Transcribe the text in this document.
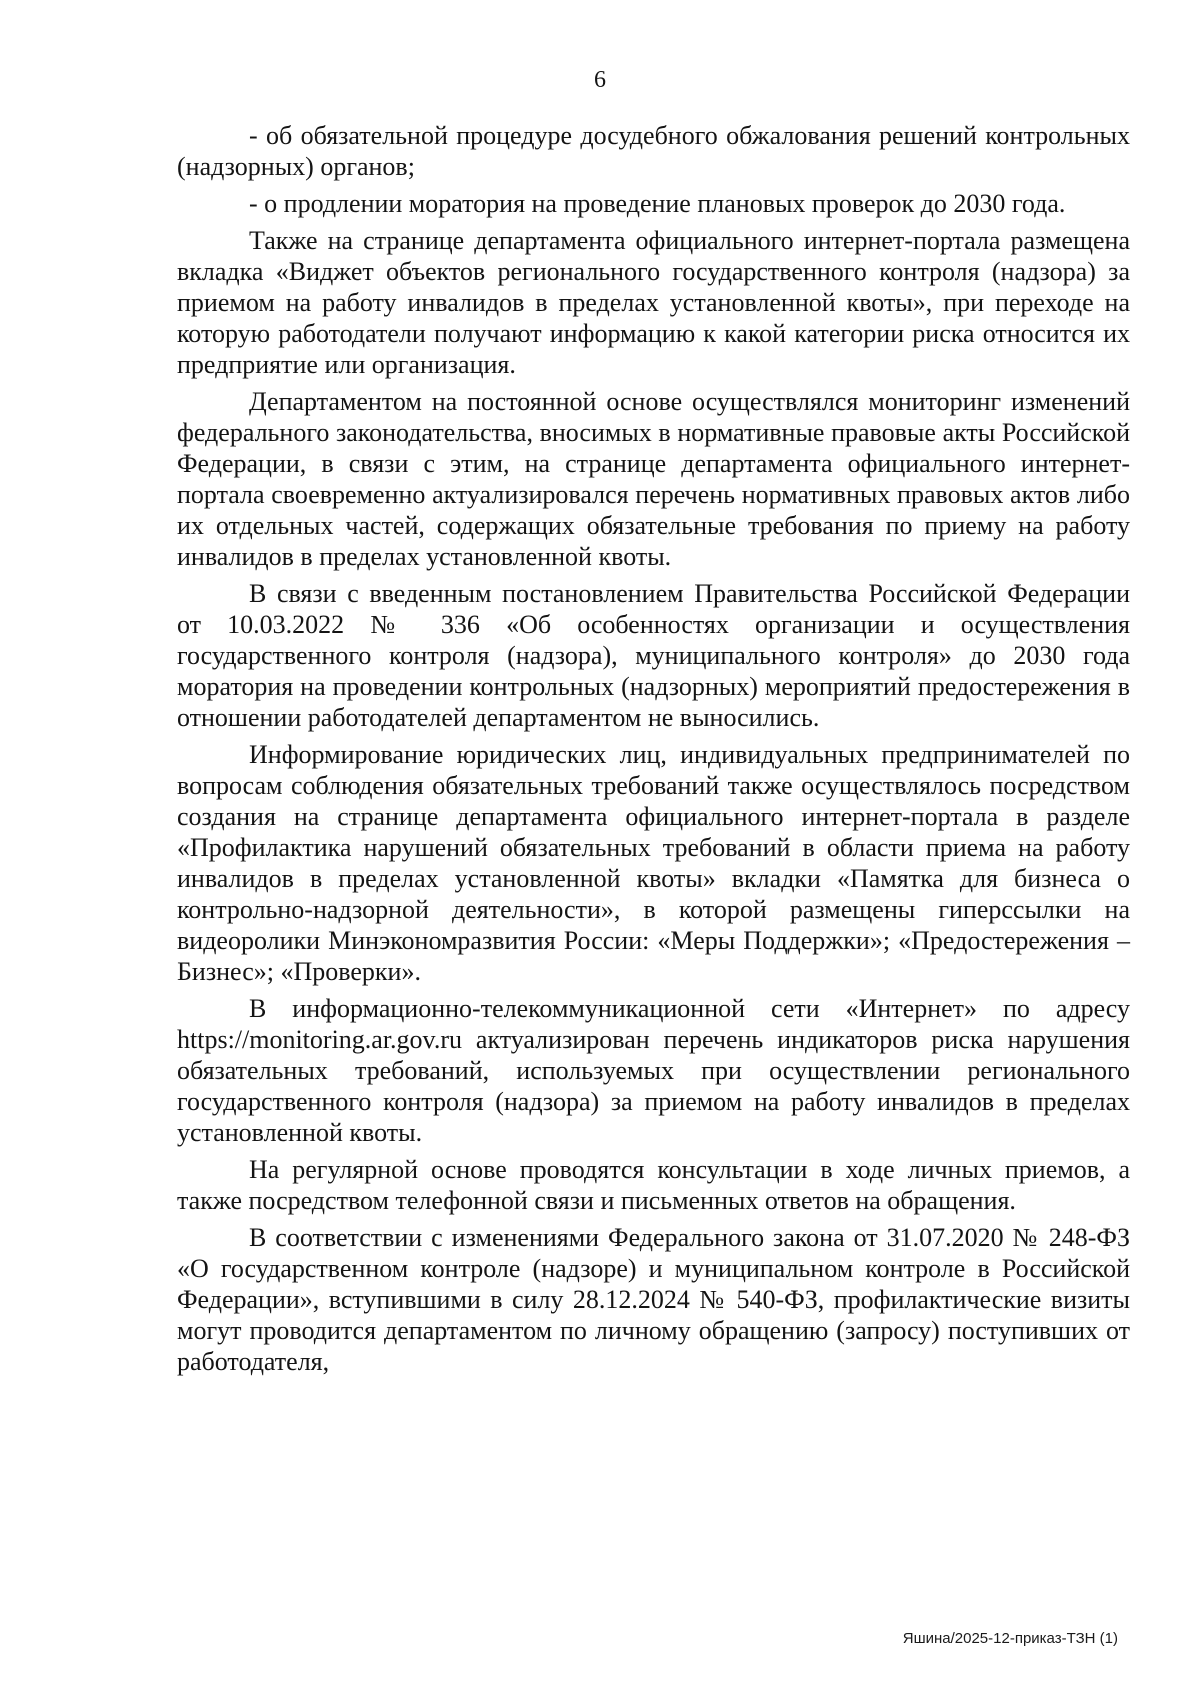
6

- об обязательной процедуре досудебного обжалования решений контрольных (надзорных) органов;

- о продлении моратория на проведение плановых проверок до 2030 года.

Также на странице департамента официального интернет-портала размещена вкладка «Виджет объектов регионального государственного контроля (надзора) за приемом на работу инвалидов в пределах установленной квоты», при переходе на которую работодатели получают информацию к какой категории риска относится их предприятие или организация.

Департаментом на постоянной основе осуществлялся мониторинг изменений федерального законодательства, вносимых в нормативные правовые акты Российской Федерации, в связи с этим, на странице департамента официального интернет-портала своевременно актуализировался перечень нормативных правовых актов либо их отдельных частей, содержащих обязательные требования по приему на работу инвалидов в пределах установленной квоты.

В связи с введенным постановлением Правительства Российской Федерации от 10.03.2022 № 336 «Об особенностях организации и осуществления государственного контроля (надзора), муниципального контроля» до 2030 года моратория на проведении контрольных (надзорных) мероприятий предостережения в отношении работодателей департаментом не выносились.

Информирование юридических лиц, индивидуальных предпринимателей по вопросам соблюдения обязательных требований также осуществлялось посредством создания на странице департамента официального интернет-портала в разделе «Профилактика нарушений обязательных требований в области приема на работу инвалидов в пределах установленной квоты» вкладки «Памятка для бизнеса о контрольно-надзорной деятельности», в которой размещены гиперссылки на видеоролики Минэкономразвития России: «Меры Поддержки»; «Предостережения – Бизнес»; «Проверки».

В информационно-телекоммуникационной сети «Интернет» по адресу https://monitoring.ar.gov.ru актуализирован перечень индикаторов риска нарушения обязательных требований, используемых при осуществлении регионального государственного контроля (надзора) за приемом на работу инвалидов в пределах установленной квоты.

На регулярной основе проводятся консультации в ходе личных приемов, а также посредством телефонной связи и письменных ответов на обращения.

В соответствии с изменениями Федерального закона от 31.07.2020 № 248-ФЗ «О государственном контроле (надзоре) и муниципальном контроле в Российской Федерации», вступившими в силу 28.12.2024 № 540-ФЗ, профилактические визиты могут проводится департаментом по личному обращению (запросу) поступивших от работодателя,

Яшина/2025-12-приказ-ТЗН (1)
